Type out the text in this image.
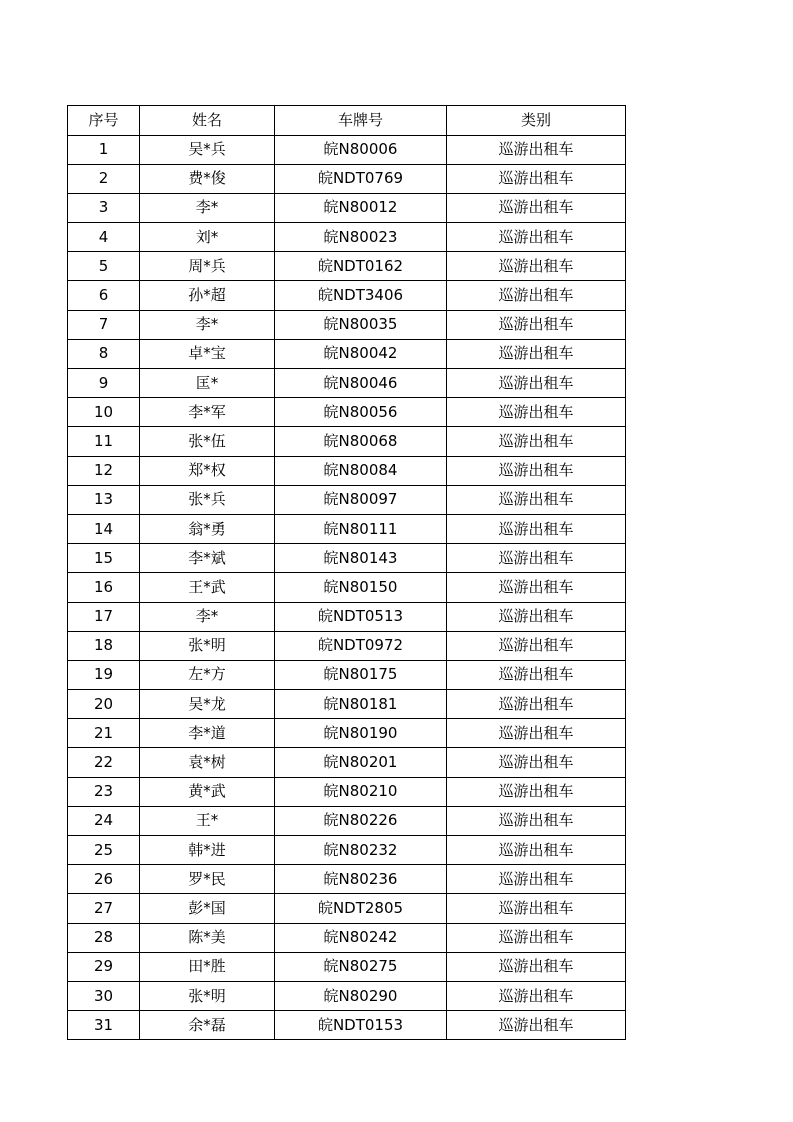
序号	姓名	车牌号	类别
1	吴*兵	皖N80006	巡游出租车
2	费*俊	皖NDT0769	巡游出租车
3	李*	皖N80012	巡游出租车
4	刘*	皖N80023	巡游出租车
5	周*兵	皖NDT0162	巡游出租车
6	孙*超	皖NDT3406	巡游出租车
7	李*	皖N80035	巡游出租车
8	卓*宝	皖N80042	巡游出租车
9	匡*	皖N80046	巡游出租车
10	李*军	皖N80056	巡游出租车
11	张*伍	皖N80068	巡游出租车
12	郑*权	皖N80084	巡游出租车
13	张*兵	皖N80097	巡游出租车
14	翁*勇	皖N80111	巡游出租车
15	李*斌	皖N80143	巡游出租车
16	王*武	皖N80150	巡游出租车
17	李*	皖NDT0513	巡游出租车
18	张*明	皖NDT0972	巡游出租车
19	左*方	皖N80175	巡游出租车
20	吴*龙	皖N80181	巡游出租车
21	李*道	皖N80190	巡游出租车
22	袁*树	皖N80201	巡游出租车
23	黄*武	皖N80210	巡游出租车
24	王*	皖N80226	巡游出租车
25	韩*进	皖N80232	巡游出租车
26	罗*民	皖N80236	巡游出租车
27	彭*国	皖NDT2805	巡游出租车
28	陈*美	皖N80242	巡游出租车
29	田*胜	皖N80275	巡游出租车
30	张*明	皖N80290	巡游出租车
31	余*磊	皖NDT0153	巡游出租车
